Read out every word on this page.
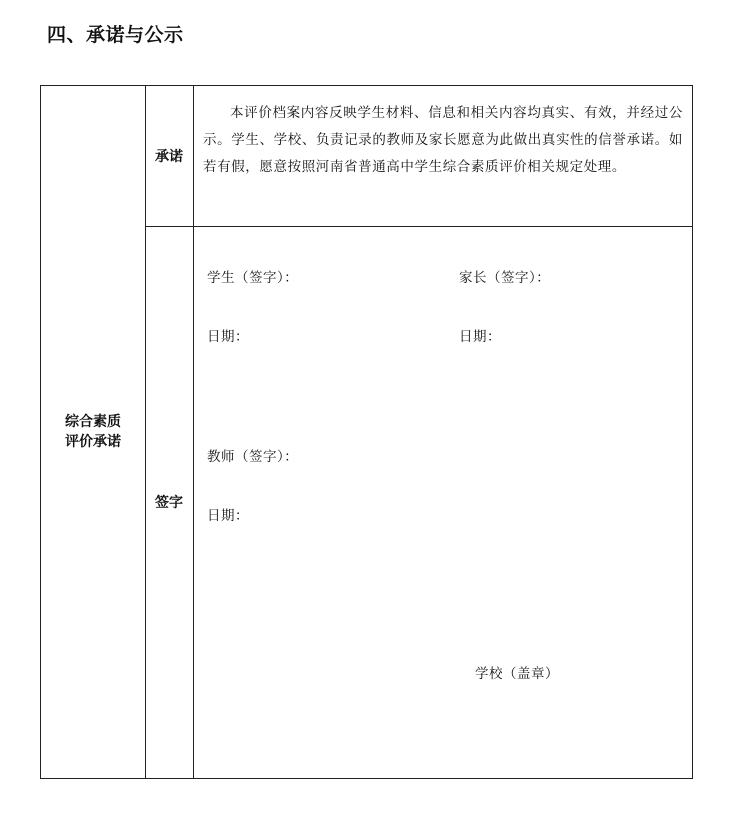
四、承诺与公示
综合素质
评价承诺
承诺
签字
本评价档案内容反映学生材料、信息和相关内容均真实、有效，并经过公示。学生、学校、负责记录的教师及家长愿意为此做出真实性的信誉承诺。如若有假，愿意按照河南省普通高中学生综合素质评价相关规定处理。
学生（签字）：	家长（签字）：
日期：	日期：
教师（签字）：
日期：
学校（盖章）
